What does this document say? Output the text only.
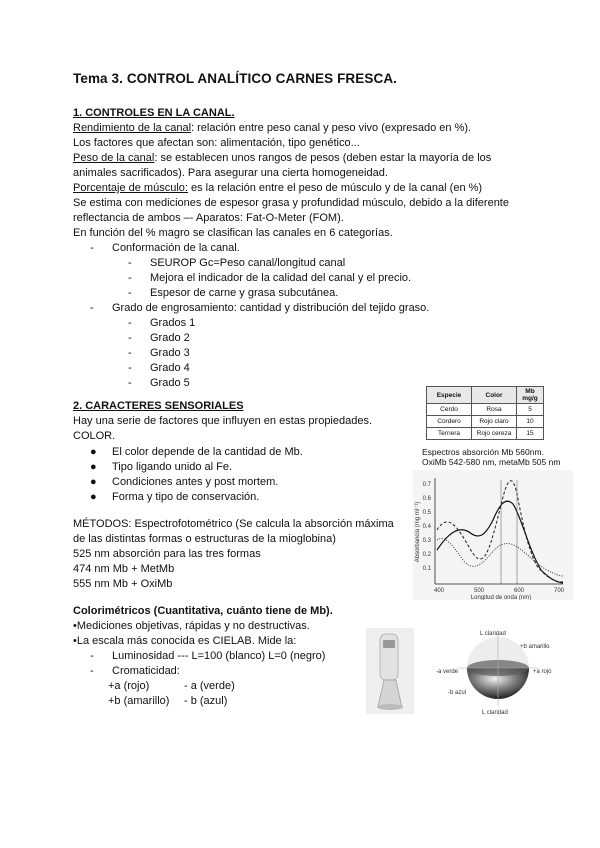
Tema 3. CONTROL ANALÍTICO CARNES FRESCA.
1. CONTROLES EN LA CANAL.
Rendimiento de la canal: relación entre peso canal y peso vivo (expresado en %).
Los factores que afectan son: alimentación, tipo genético...
Peso de la canal: se establecen unos rangos de pesos (deben estar la mayoría de los
animales sacrificados). Para asegurar una cierta homogeneidad.
Porcentaje de músculo: es la relación entre el peso de músculo y de la canal (en %)
Se estima con mediciones de espesor grasa y profundidad músculo, debido a la diferente
reflectancia de ambos –- Aparatos: Fat-O-Meter (FOM).
En función del % magro se clasifican las canales en 6 categorías.
- Conformación de la canal.
- SEUROP Gc=Peso canal/longitud canal
- Mejora el indicador de la calidad del canal y el precio.
- Espesor de carne y grasa subcutánea.
- Grado de engrosamiento: cantidad y distribución del tejido graso.
- Grados 1
- Grado 2
- Grado 3
- Grado 4
- Grado 5
2. CARACTERES SENSORIALES
Hay una serie de factores que influyen en estas propiedades.
COLOR.
● El color depende de la cantidad de Mb.
● Tipo ligando unido al Fe.
● Condiciones antes y post mortem.
● Forma y tipo de conservación.
MÉTODOS: Espectrofotométrico (Se calcula la absorción máxima
de las distintas formas o estructuras de la mioglobina)
525 nm absorción para las tres formas
474 nm Mb + MetMb
555 nm Mb + OxiMb
Colorimétricos (Cuantitativa, cuánto tiene de Mb).
•Mediciones objetivas, rápidas y no destructivas.
•La escala más conocida es CIELAB. Mide la:
- Luminosidad --- L=100 (blanco) L=0 (negro)
- Cromaticidad:
+a (rojo)	- a (verde)
+b (amarillo) - b (azul)
Especie	Color	Mb mg/g
Cerdo	Rosa	5
Cordero	Rojo claro	10
Ternera	Rojo cereza	15
Espectros absorción Mb 560nm.
OxiMb 542-580 nm, metaMb 505 nm
0.7
0.6
0.5
0.4
0.3
0.2
0.1
400	500	600	700
Longitud de onda (nm)
Absorbancia (mg ml⁻¹)
L claridad
+b amarillo
-a verde	+a rojo
-b azul
L claridad
